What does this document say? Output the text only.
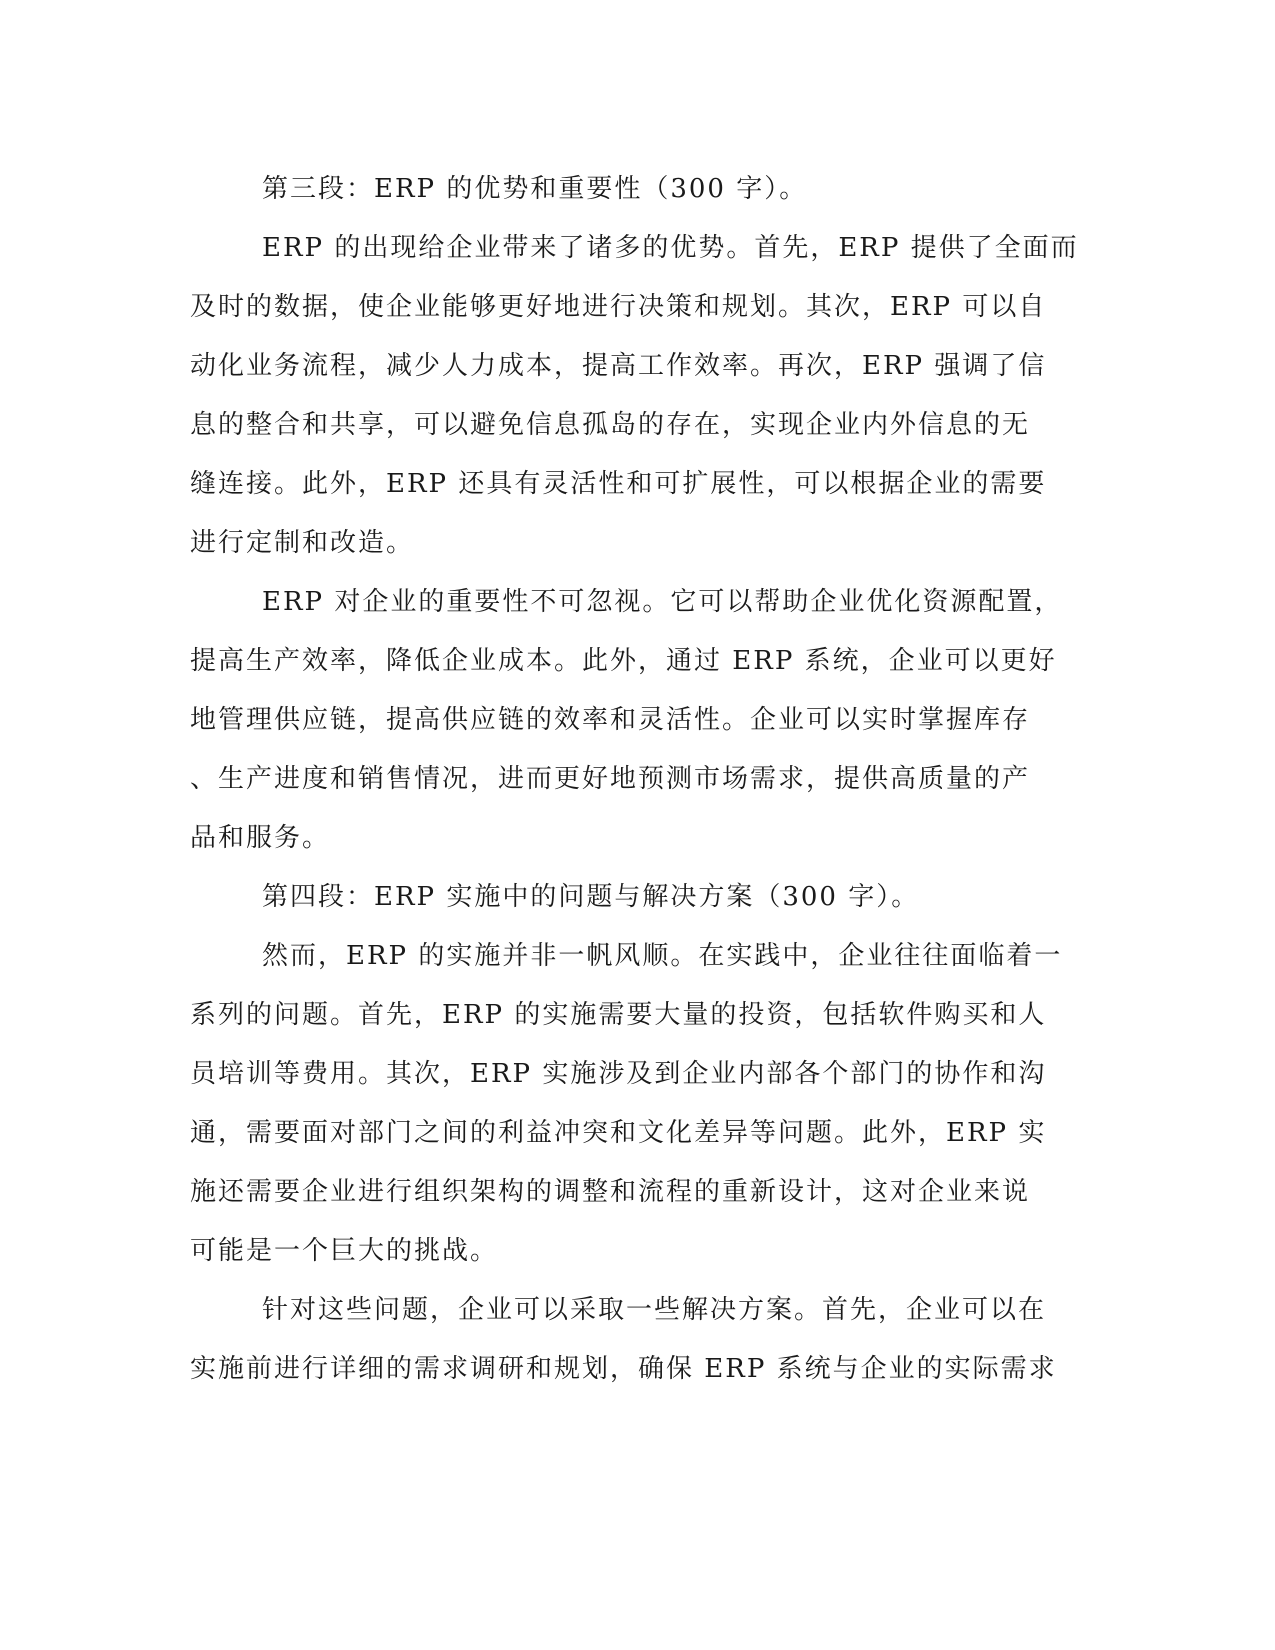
第三段：ERP 的优势和重要性（300 字）。
ERP 的出现给企业带来了诸多的优势。首先，ERP 提供了全面而
及时的数据，使企业能够更好地进行决策和规划。其次，ERP 可以自
动化业务流程，减少人力成本，提高工作效率。再次，ERP 强调了信
息的整合和共享，可以避免信息孤岛的存在，实现企业内外信息的无
缝连接。此外，ERP 还具有灵活性和可扩展性，可以根据企业的需要
进行定制和改造。
ERP 对企业的重要性不可忽视。它可以帮助企业优化资源配置，
提高生产效率，降低企业成本。此外，通过 ERP 系统，企业可以更好
地管理供应链，提高供应链的效率和灵活性。企业可以实时掌握库存
、生产进度和销售情况，进而更好地预测市场需求，提供高质量的产
品和服务。
第四段：ERP 实施中的问题与解决方案（300 字）。
然而，ERP 的实施并非一帆风顺。在实践中，企业往往面临着一
系列的问题。首先，ERP 的实施需要大量的投资，包括软件购买和人
员培训等费用。其次，ERP 实施涉及到企业内部各个部门的协作和沟
通，需要面对部门之间的利益冲突和文化差异等问题。此外，ERP 实
施还需要企业进行组织架构的调整和流程的重新设计，这对企业来说
可能是一个巨大的挑战。
针对这些问题，企业可以采取一些解决方案。首先，企业可以在
实施前进行详细的需求调研和规划，确保 ERP 系统与企业的实际需求
